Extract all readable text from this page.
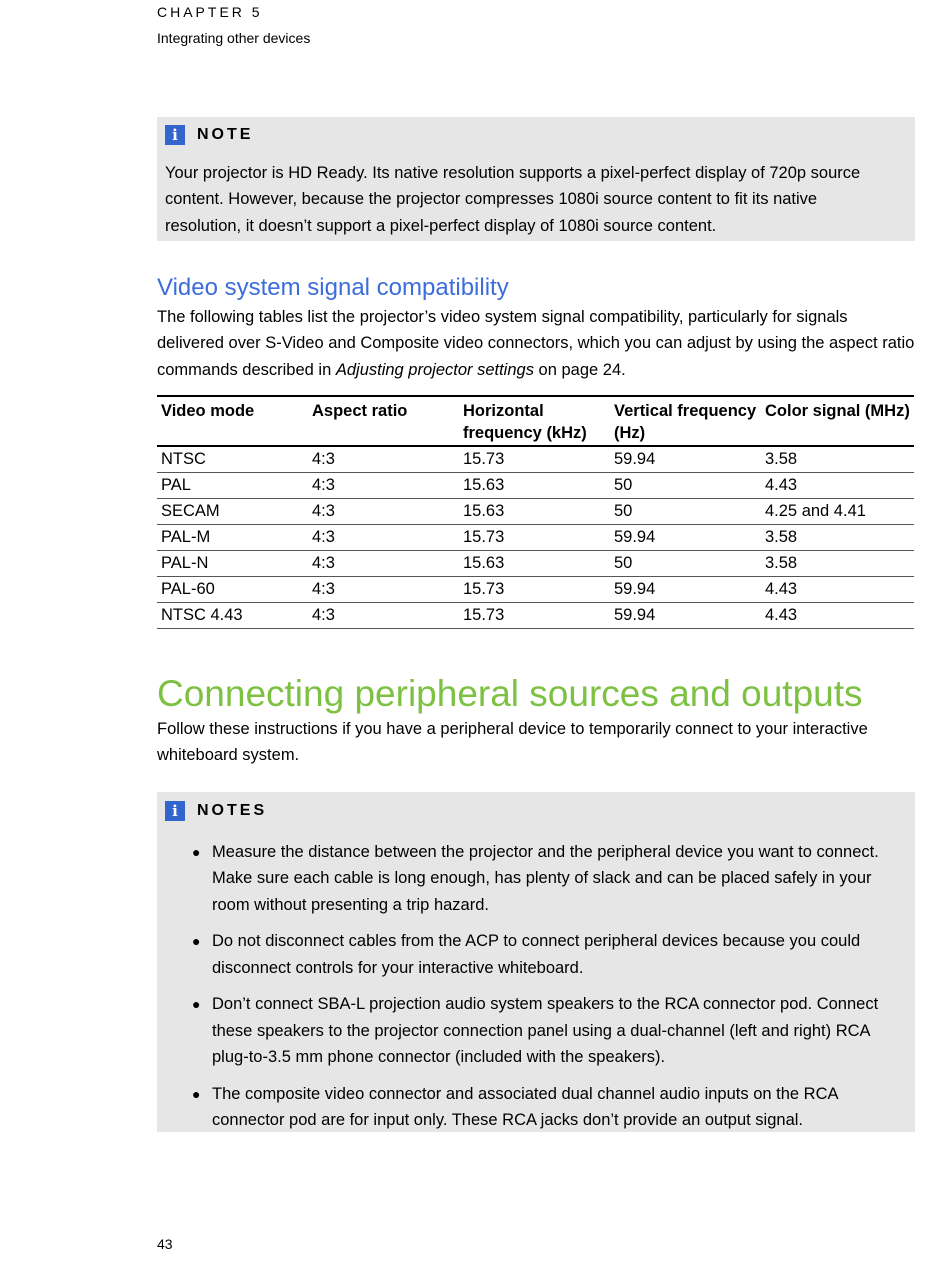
CHAPTER 5
Integrating other devices
i	NOTE
Your projector is HD Ready. Its native resolution supports a pixel-perfect display of 720p source content. However, because the projector compresses 1080i source content to fit its native resolution, it doesn’t support a pixel-perfect display of 1080i source content.
Video system signal compatibility
The following tables list the projector’s video system signal compatibility, particularly for signals delivered over S-Video and Composite video connectors, which you can adjust by using the aspect ratio commands described in Adjusting projector settings on page 24.
Video mode	Aspect ratio	Horizontal frequency (kHz)	Vertical frequency (Hz)	Color signal (MHz)
NTSC	4:3	15.73	59.94	3.58
PAL	4:3	15.63	50	4.43
SECAM	4:3	15.63	50	4.25 and 4.41
PAL-M	4:3	15.73	59.94	3.58
PAL-N	4:3	15.63	50	3.58
PAL-60	4:3	15.73	59.94	4.43
NTSC 4.43	4:3	15.73	59.94	4.43
Connecting peripheral sources and outputs
Follow these instructions if you have a peripheral device to temporarily connect to your interactive whiteboard system.
i	NOTES
● Measure the distance between the projector and the peripheral device you want to connect. Make sure each cable is long enough, has plenty of slack and can be placed safely in your room without presenting a trip hazard.
● Do not disconnect cables from the ACP to connect peripheral devices because you could disconnect controls for your interactive whiteboard.
● Don’t connect SBA-L projection audio system speakers to the RCA connector pod. Connect these speakers to the projector connection panel using a dual-channel (left and right) RCA plug-to-3.5 mm phone connector (included with the speakers).
● The composite video connector and associated dual channel audio inputs on the RCA connector pod are for input only. These RCA jacks don’t provide an output signal.
43
